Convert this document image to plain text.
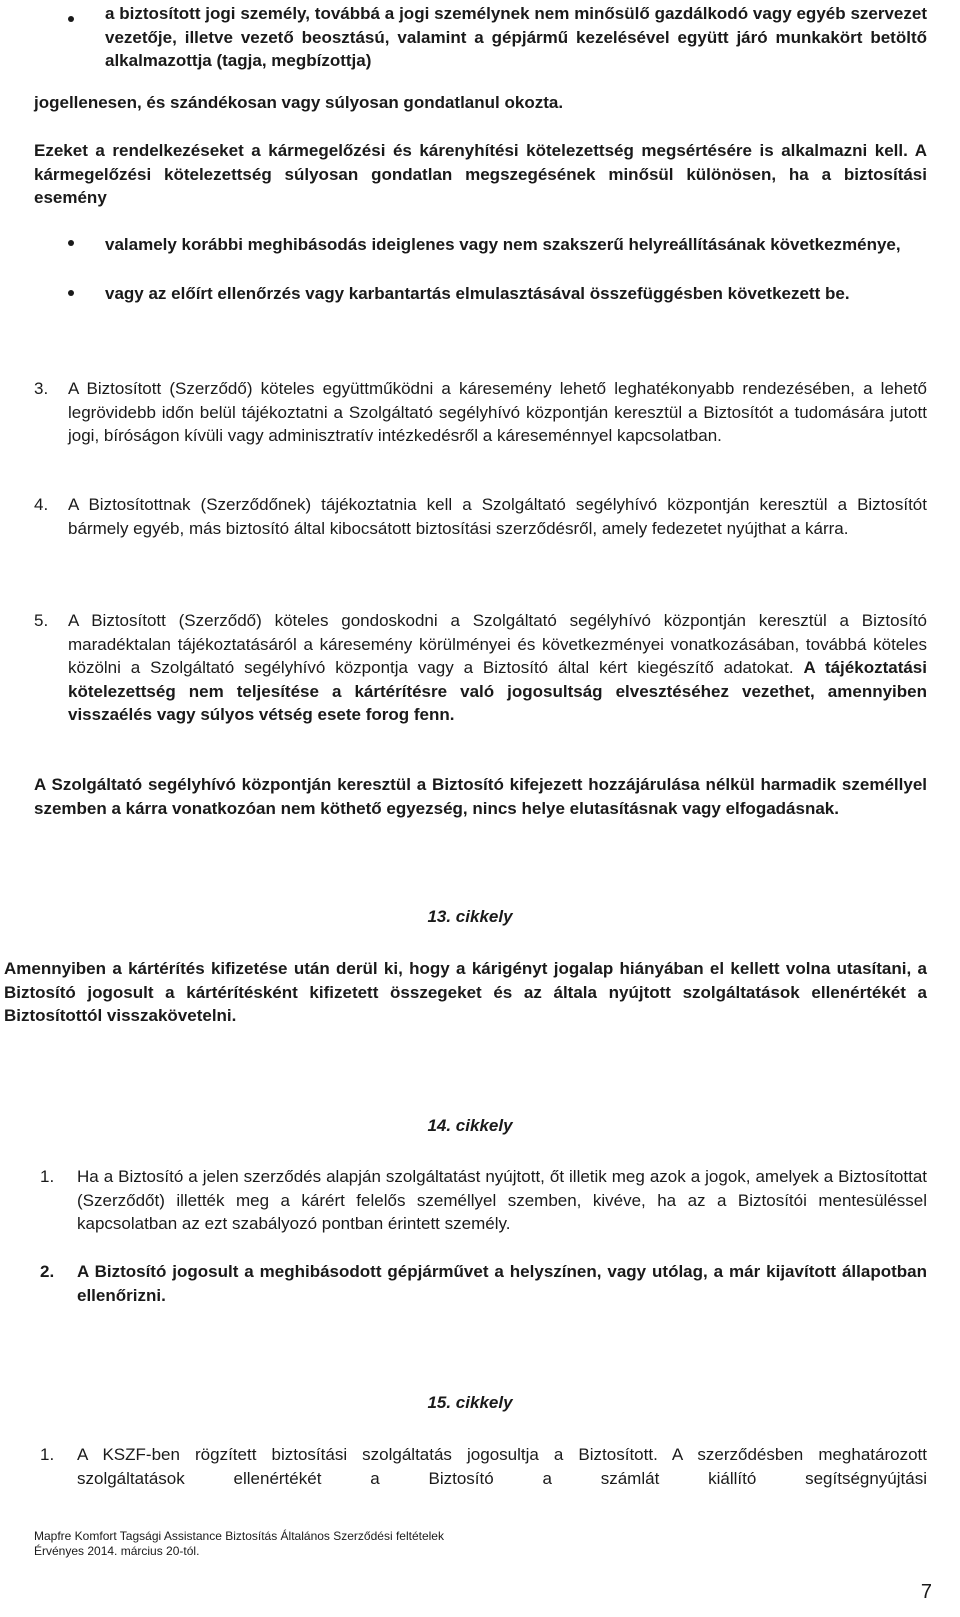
a biztosított jogi személy, továbbá a jogi személynek nem minősülő gazdálkodó vagy egyéb szervezet vezetője, illetve vezető beosztású, valamint a gépjármű kezelésével együtt járó munkakört betöltő alkalmazottja (tagja, megbízottja)
jogellenesen, és szándékosan vagy súlyosan gondatlanul okozta.
Ezeket a rendelkezéseket a kármegelőzési és kárenyhítési kötelezettség megsértésére is alkalmazni kell. A kármegelőzési kötelezettség súlyosan gondatlan megszegésének minősül különösen, ha a biztosítási esemény
valamely korábbi meghibásodás ideiglenes vagy nem szakszerű helyreállításának következménye,
vagy az előírt ellenőrzés vagy karbantartás elmulasztásával összefüggésben következett be.
3. A Biztosított (Szerződő) köteles együttműködni a káresemény lehető leghatékonyabb rendezésében, a lehető legrövidebb időn belül tájékoztatni a Szolgáltató segélyhívó központján keresztül a Biztosítót a tudomására jutott jogi, bíróságon kívüli vagy adminisztratív intézkedésről a káreseménnyel kapcsolatban.
4. A Biztosítottnak (Szerződőnek) tájékoztatnia kell a Szolgáltató segélyhívó központján keresztül a Biztosítót bármely egyéb, más biztosító által kibocsátott biztosítási szerződésről, amely fedezetet nyújthat a kárra.
5. A Biztosított (Szerződő) köteles gondoskodni a Szolgáltató segélyhívó központján keresztül a Biztosító maradéktalan tájékoztatásáról a káresemény körülményei és következményei vonatkozásában, továbbá köteles közölni a Szolgáltató segélyhívó központja vagy a Biztosító által kért kiegészítő adatokat. A tájékoztatási kötelezettség nem teljesítése a kártérítésre való jogosultság elvesztéséhez vezethet, amennyiben visszaélés vagy súlyos vétség esete forog fenn.
A Szolgáltató segélyhívó központján keresztül a Biztosító kifejezett hozzájárulása nélkül harmadik személlyel szemben a kárra vonatkozóan nem köthető egyezség, nincs helye elutasításnak vagy elfogadásnak.
13. cikkely
Amennyiben a kártérítés kifizetése után derül ki, hogy a kárigényt jogalap hiányában el kellett volna utasítani, a Biztosító jogosult a kártérítésként kifizetett összegeket és az általa nyújtott szolgáltatások ellenértékét a Biztosítottól visszakövetelni.
14. cikkely
1. Ha a Biztosító a jelen szerződés alapján szolgáltatást nyújtott, őt illetik meg azok a jogok, amelyek a Biztosítottat (Szerződőt) illették meg a kárért felelős személlyel szemben, kivéve, ha az a Biztosítói mentesüléssel kapcsolatban az ezt szabályozó pontban érintett személy.
2. A Biztosító jogosult a meghibásodott gépjárművet a helyszínen, vagy utólag, a már kijavított állapotban ellenőrizni.
15. cikkely
1. A KSZF-ben rögzített biztosítási szolgáltatás jogosultja a Biztosított. A szerződésben meghatározott szolgáltatások ellenértékét a Biztosító a számlát kiállító segítségnyújtási
Mapfre Komfort Tagsági Assistance Biztosítás Általános Szerződési feltételek
Érvényes 2014. március 20-tól.
7
